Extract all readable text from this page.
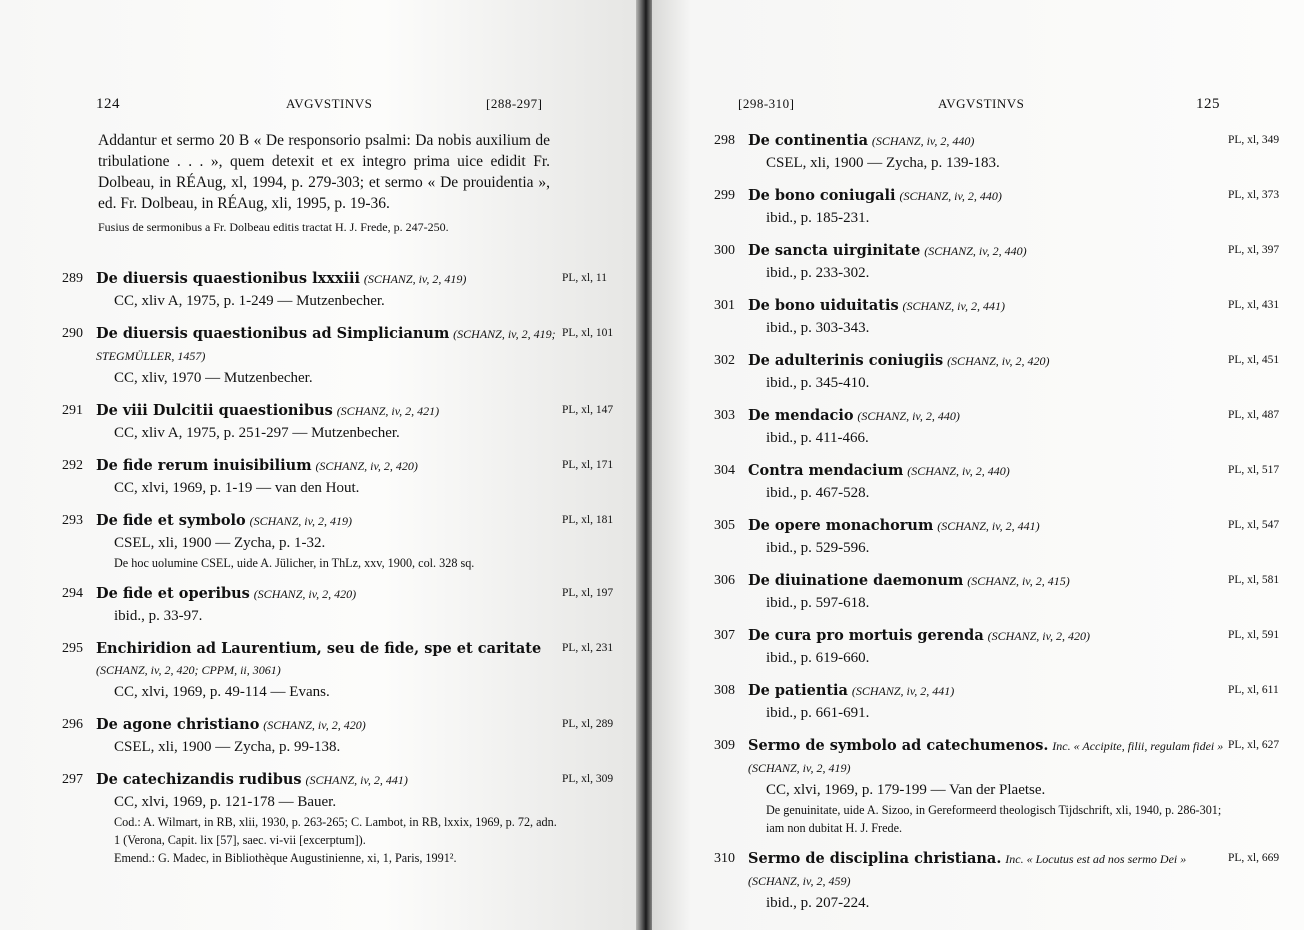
124	AVGVSTINVS	[288-297]
Addantur et sermo 20 B « De responsorio psalmi: Da nobis auxilium de tribulatione . . . », quem detexit et ex integro prima uice edidit Fr. Dolbeau, in RÉAug, xl, 1994, p. 279-303; et sermo « De prouidentia », ed. Fr. Dolbeau, in RÉAug, xli, 1995, p. 19-36.
Fusius de sermonibus a Fr. Dolbeau editis tractat H. J. Frede, p. 247-250.
289 De diuersis quaestionibus lxxxiii (SCHANZ, iv, 2, 419)
CC, xliv A, 1975, p. 1-249 — Mutzenbecher.
PL, xl, 11
290 De diuersis quaestionibus ad Simplicianum (SCHANZ, iv, 2, 419; STEGMÜLLER, 1457)
CC, xliv, 1970 — Mutzenbecher.
PL, xl, 101
291 De viii Dulcitii quaestionibus (SCHANZ, iv, 2, 421)
CC, xliv A, 1975, p. 251-297 — Mutzenbecher.
PL, xl, 147
292 De fide rerum inuisibilium (SCHANZ, iv, 2, 420)
CC, xlvi, 1969, p. 1-19 — van den Hout.
PL, xl, 171
293 De fide et symbolo (SCHANZ, iv, 2, 419)
CSEL, xli, 1900 — Zycha, p. 1-32.
De hoc uolumine CSEL, uide A. Jülicher, in ThLz, xxv, 1900, col. 328 sq.
PL, xl, 181
294 De fide et operibus (SCHANZ, iv, 2, 420)
ibid., p. 33-97.
PL, xl, 197
295 Enchiridion ad Laurentium, seu de fide, spe et caritate (SCHANZ, iv, 2, 420; CPPM, ii, 3061)
CC, xlvi, 1969, p. 49-114 — Evans.
PL, xl, 231
296 De agone christiano (SCHANZ, iv, 2, 420)
CSEL, xli, 1900 — Zycha, p. 99-138.
PL, xl, 289
297 De catechizandis rudibus (SCHANZ, iv, 2, 441)
CC, xlvi, 1969, p. 121-178 — Bauer.
Cod.: A. Wilmart, in RB, xlii, 1930, p. 263-265; C. Lambot, in RB, lxxix, 1969, p. 72, adn. 1 (Verona, Capit. lix [57], saec. vi-vii [excerptum]).
Emend.: G. Madec, in Bibliothèque Augustinienne, xi, 1, Paris, 1991².
PL, xl, 309
[298-310]	AVGVSTINVS	125
298 De continentia (SCHANZ, iv, 2, 440)
CSEL, xli, 1900 — Zycha, p. 139-183.
PL, xl, 349
299 De bono coniugali (SCHANZ, iv, 2, 440)
ibid., p. 185-231.
PL, xl, 373
300 De sancta uirginitate (SCHANZ, iv, 2, 440)
ibid., p. 233-302.
PL, xl, 397
301 De bono uiduitatis (SCHANZ, iv, 2, 441)
ibid., p. 303-343.
PL, xl, 431
302 De adulterinis coniugiis (SCHANZ, iv, 2, 420)
ibid., p. 345-410.
PL, xl, 451
303 De mendacio (SCHANZ, iv, 2, 440)
ibid., p. 411-466.
PL, xl, 487
304 Contra mendacium (SCHANZ, iv, 2, 440)
ibid., p. 467-528.
PL, xl, 517
305 De opere monachorum (SCHANZ, iv, 2, 441)
ibid., p. 529-596.
PL, xl, 547
306 De diuinatione daemonum (SCHANZ, iv, 2, 415)
ibid., p. 597-618.
PL, xl, 581
307 De cura pro mortuis gerenda (SCHANZ, iv, 2, 420)
ibid., p. 619-660.
PL, xl, 591
308 De patientia (SCHANZ, iv, 2, 441)
ibid., p. 661-691.
PL, xl, 611
309 Sermo de symbolo ad catechumenos. Inc. « Accipite, filii, regulam fidei » (SCHANZ, iv, 2, 419)
CC, xlvi, 1969, p. 179-199 — Van der Plaetse.
De genuinitate, uide A. Sizoo, in Gereformeerd theologisch Tijdschrift, xli, 1940, p. 286-301; iam non dubitat H. J. Frede.
PL, xl, 627
310 Sermo de disciplina christiana. Inc. « Locutus est ad nos sermo Dei » (SCHANZ, iv, 2, 459)
ibid., p. 207-224.
PL, xl, 669
